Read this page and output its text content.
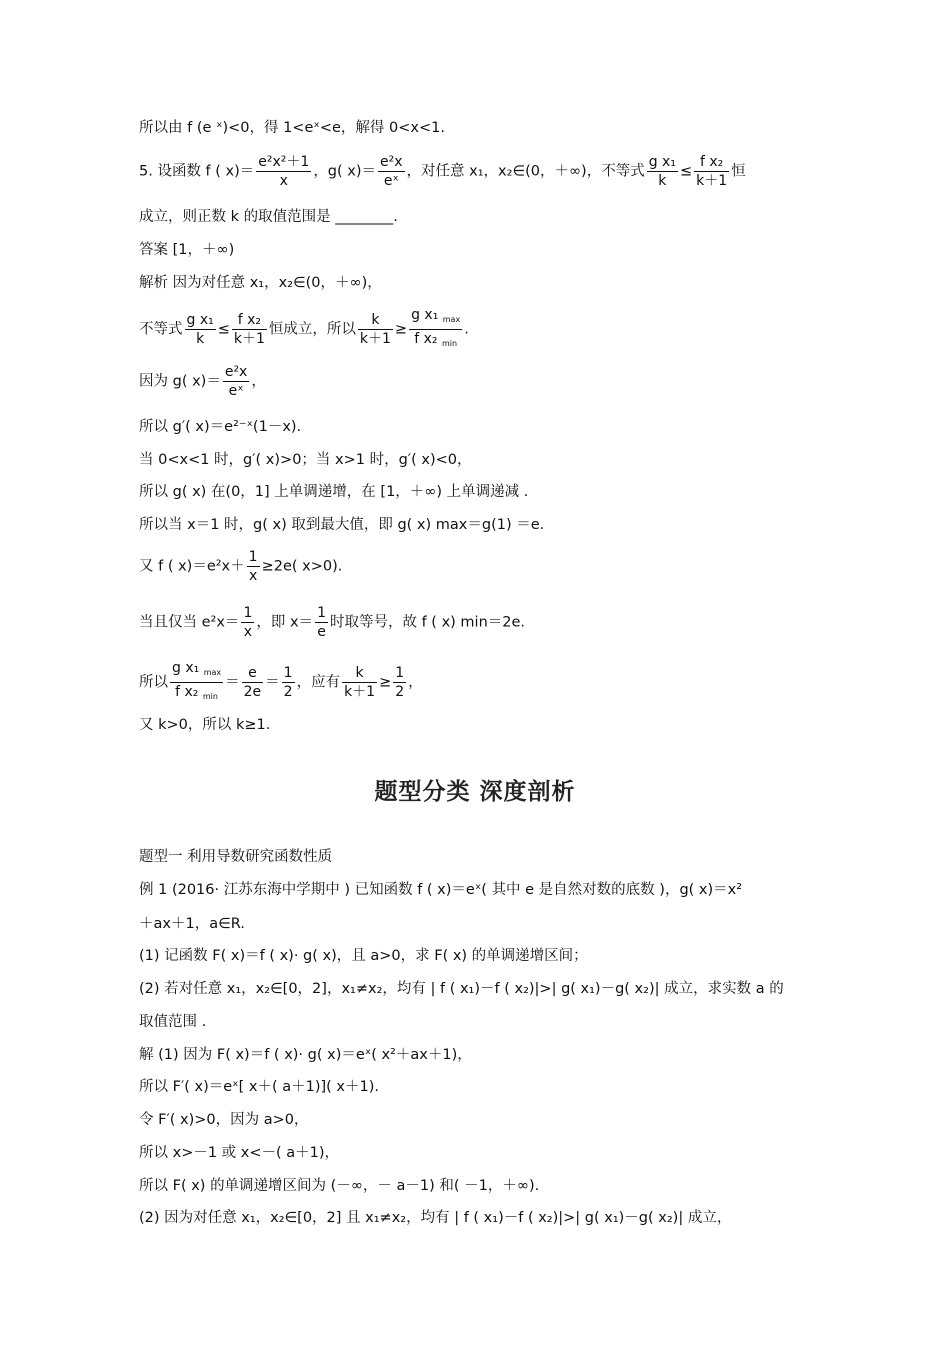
所以由 f (e ˣ)<0，得 1<eˣ<e，解得 0<x<1.
5. 设函数 f ( $x)= \frac{\text{e²x²＋1}}{x}$ ，g( $x)= \frac{\text{e²x}}{\text{eˣ}}$ ，对任意 x₁，x₂∈(0，＋∞)，不等式 $\frac{\text{g x₁}}{k} \le \frac{\text{f x₂}}{k+1}$ 恒
成立，则正数 k 的取值范围是 ________.
答案 [1，＋∞)
解析 因为对任意 x₁，x₂∈(0，＋∞)，
不等式 $\frac{\text{g x₁}}{k} \le \frac{\text{f x₂}}{k+1}$ 恒成立，所以 $\frac{k}{k+1} \ge \frac{g x_1 _{max}}{f x_2 _{min}}$ .
因为 g( $x)= \frac{\text{e²x}}{\text{eˣ}}$ ，
所以 g′( x)＝e²⁻ˣ(1－x).
当 0<x<1 时，g′( x)>0；当 x>1 时，g′( x)<0，
所以 g( x) 在(0，1] 上单调递增，在 [1，＋∞) 上单调递减 .
所以当 x＝1 时，g( x) 取到最大值，即 g( x) max＝g(1) ＝e.
又 f ( $x)=e^2x+ \frac{1}{x} \ge 2e$( x>0).
当且仅当 $e^2x= \frac{1}{x}$ ，即 $x= \frac{1}{e}$ 时取等号，故 f ( x) min＝2e.
所以 $\frac{g x_1 _{max}}{f x_2 _{min}} = \frac{e}{2e} = \frac{1}{2}$ ，应有 $\frac{k}{k+1} \ge \frac{1}{2}$ ，
又 k>0，所以 k≥1.
题型分类 深度剖析
题型一 利用导数研究函数性质
例 1 (2016· 江苏东海中学期中 ) 已知函数 f ( x)＝eˣ( 其中 e 是自然对数的底数 )，g( x)＝x²
＋ax＋1，a∈R.
(1) 记函数 F( x)＝f ( x)· g( x)，且 a>0，求 F( x) 的单调递增区间；
(2) 若对任意 x₁，x₂∈[0，2]，x₁≠x₂，均有 | f ( x₁)－f ( x₂)|>| g( x₁)－g( x₂)| 成立，求实数 a 的
取值范围 .
解 (1) 因为 F( x)＝f ( x)· g( x)＝eˣ( x²＋ax＋1)，
所以 F′( x)＝eˣ[ x＋( a＋1)]( x＋1).
令 F′( x)>0，因为 a>0，
所以 x>－1 或 x<－( a＋1)，
所以 F( x) 的单调递增区间为 (－∞，－ a－1) 和( －1，＋∞).
(2) 因为对任意 x₁，x₂∈[0，2] 且 x₁≠x₂，均有 | f ( x₁)－f ( x₂)|>| g( x₁)－g( x₂)| 成立，
